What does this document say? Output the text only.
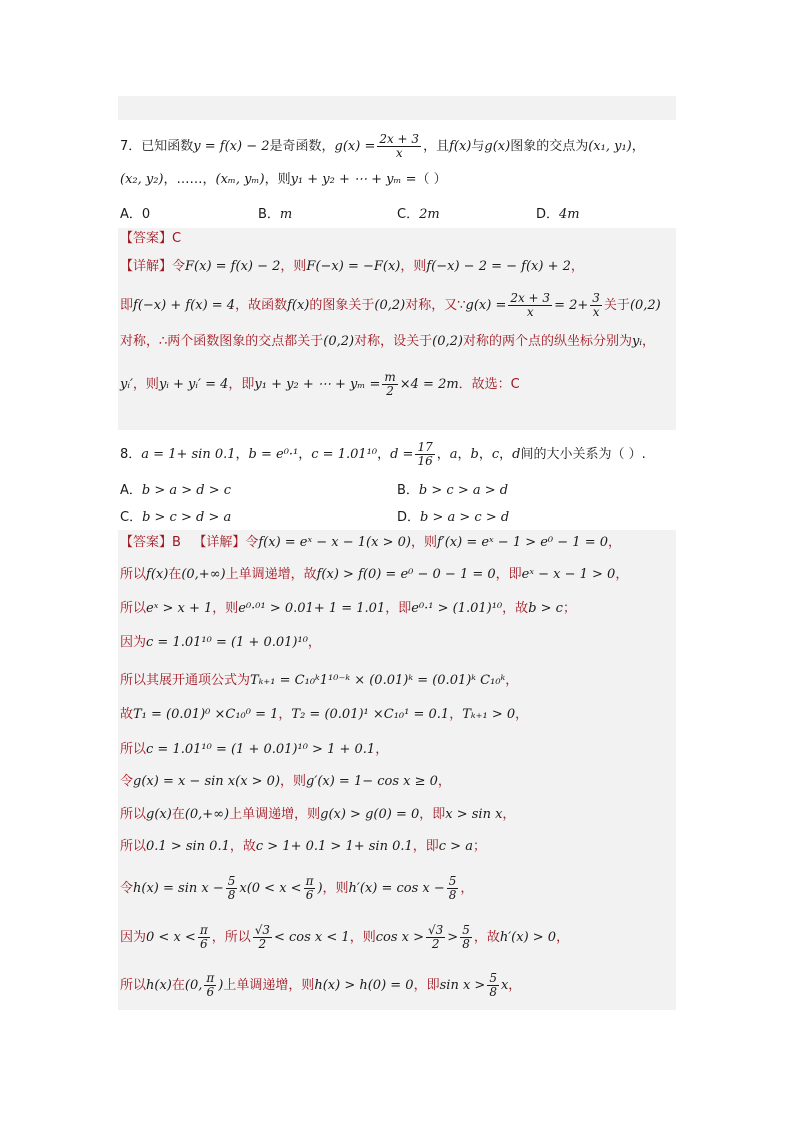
7．已知函数y = f(x) − 2是奇函数，$g(x) = \frac{2x + 3}{x}$ ，且f(x)与g(x)图象的交点为(x₁, y₁)，
(x₂, y₂)，……，(xₘ, yₘ)，则y₁ + y₂ + ⋯ + yₘ =（ ）
A．0	B．m	C．2m	D．4m
【答案】C
【详解】令F(x) = f(x) − 2，则F(−x) = −F(x)，则f(−x) − 2 = − f(x) + 2，
即f(−x) + f(x) = 4，故函数f(x)的图象关于(0,2)对称，又∵g(x) = $\frac{2x + 3}{x} = 2+ \frac{3}{x}$ 关于(0,2)
对称，∴两个函数图象的交点都关于(0,2)对称，设关于(0,2)对称的两个点的纵坐标分别为yᵢ，
yᵢ′，则yᵢ + yᵢ′ = 4，即y₁ + y₂ + ⋯ + $y_m = \frac{m}{2} \times 4 = 2m$．故选：C
8．a = 1+ sin 0.1，b = e⁰·¹，c = 1.01¹⁰，$d = \frac{17}{16}$ ，a，b，c，d间的大小关系为（ ）.
A．b > a > d > c	B．b > c > a > d
C．b > c > d > a	D．b > a > c > d
【答案】B 【详解】令f(x) = eˣ − x − 1(x > 0)，则f′(x) = eˣ − 1 > e⁰ − 1 = 0，
所以f(x)在(0,+∞)上单调递增，故f(x) > f(0) = e⁰ − 0 − 1 = 0，即eˣ − x − 1 > 0，
所以eˣ > x + 1，则e⁰·⁰¹ > 0.01+ 1 = 1.01，即e⁰·¹ > (1.01)¹⁰，故b > c；
因为c = 1.01¹⁰ = (1 + 0.01)¹⁰，
所以其展开通项公式为Tₖ₊₁ = C₁₀ᵏ1¹⁰⁻ᵏ × (0.01)ᵏ = (0.01)ᵏ C₁₀ᵏ，
故T₁ = (0.01)⁰ ×C₁₀⁰ = 1，T₂ = (0.01)¹ ×C₁₀¹ = 0.1，Tₖ₊₁ > 0，
所以c = 1.01¹⁰ = (1 + 0.01)¹⁰ > 1 + 0.1，
令g(x) = x − sin x(x > 0)，则g′(x) = 1− cos x ≥ 0，
所以g(x)在(0,+∞)上单调递增，则g(x) > g(0) = 0，即x > sin x，
所以0.1 > sin 0.1，故c > 1+ 0.1 > 1+ sin 0.1，即c > a；
令$h(x) = \sin x - \frac{5}{8} x(0 < x < \frac{\pi}{6}$ )，则$h'(x) = \cos x - \frac{5}{8}$ ，
因为$0 < x < \frac{\pi}{6}$ ，所以 $\frac{√3}{2} < \cos x < 1$，则$\cos x > \frac{√3}{2} > \frac{5}{8}$ ，故h′(x) > 0，
所以h(x)在(0, $\frac{\pi}{6}$ )上单调递增，则h(x) > h(0) = 0，即$\sin x > \frac{5}{8}$ x，
